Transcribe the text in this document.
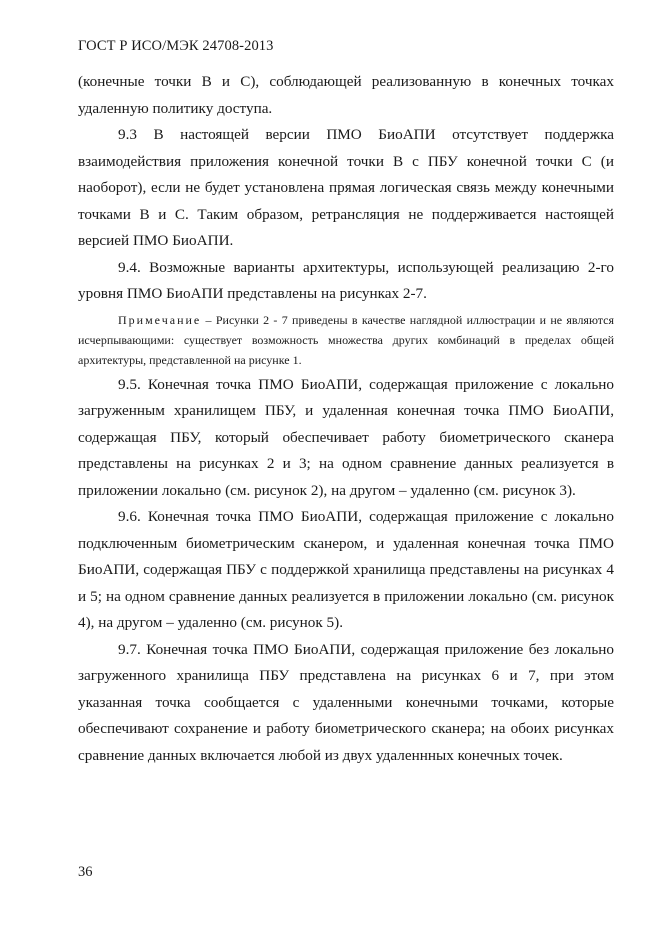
ГОСТ Р ИСО/МЭК 24708-2013

(конечные точки В и С), соблюдающей реализованную в конечных точках удаленную политику доступа.

9.3 В настоящей версии ПМО БиоАПИ отсутствует поддержка взаимодействия приложения конечной точки В с ПБУ конечной точки С (и наоборот), если не будет установлена прямая логическая связь между конечными точками В и С. Таким образом, ретрансляция не поддерживается настоящей версией ПМО БиоАПИ.

9.4. Возможные варианты архитектуры, использующей реализацию 2-го уровня ПМО БиоАПИ представлены на рисунках 2-7.

Примечание – Рисунки 2 - 7 приведены в качестве наглядной иллюстрации и не являются исчерпывающими: существует возможность множества других комбинаций в пределах общей архитектуры, представленной на рисунке 1.

9.5. Конечная точка ПМО БиоАПИ, содержащая приложение с локально загруженным хранилищем ПБУ, и удаленная конечная точка ПМО БиоАПИ, содержащая ПБУ, который обеспечивает работу биометрического сканера представлены на рисунках 2 и 3; на одном сравнение данных реализуется в приложении локально (см. рисунок 2), на другом – удаленно (см. рисунок 3).

9.6. Конечная точка ПМО БиоАПИ, содержащая приложение с локально подключенным биометрическим сканером, и удаленная конечная точка ПМО БиоАПИ, содержащая ПБУ с поддержкой хранилища представлены на рисунках 4 и 5; на одном сравнение данных реализуется в приложении локально (см. рисунок 4), на другом – удаленно (см. рисунок 5).

9.7. Конечная точка ПМО БиоАПИ, содержащая приложение без локально загруженного хранилища ПБУ представлена на рисунках 6 и 7, при этом указанная точка сообщается с удаленными конечными точками, которые обеспечивают сохранение и работу биометрического сканера; на обоих рисунках сравнение данных включается любой из двух удаленнных конечных точек.

36
